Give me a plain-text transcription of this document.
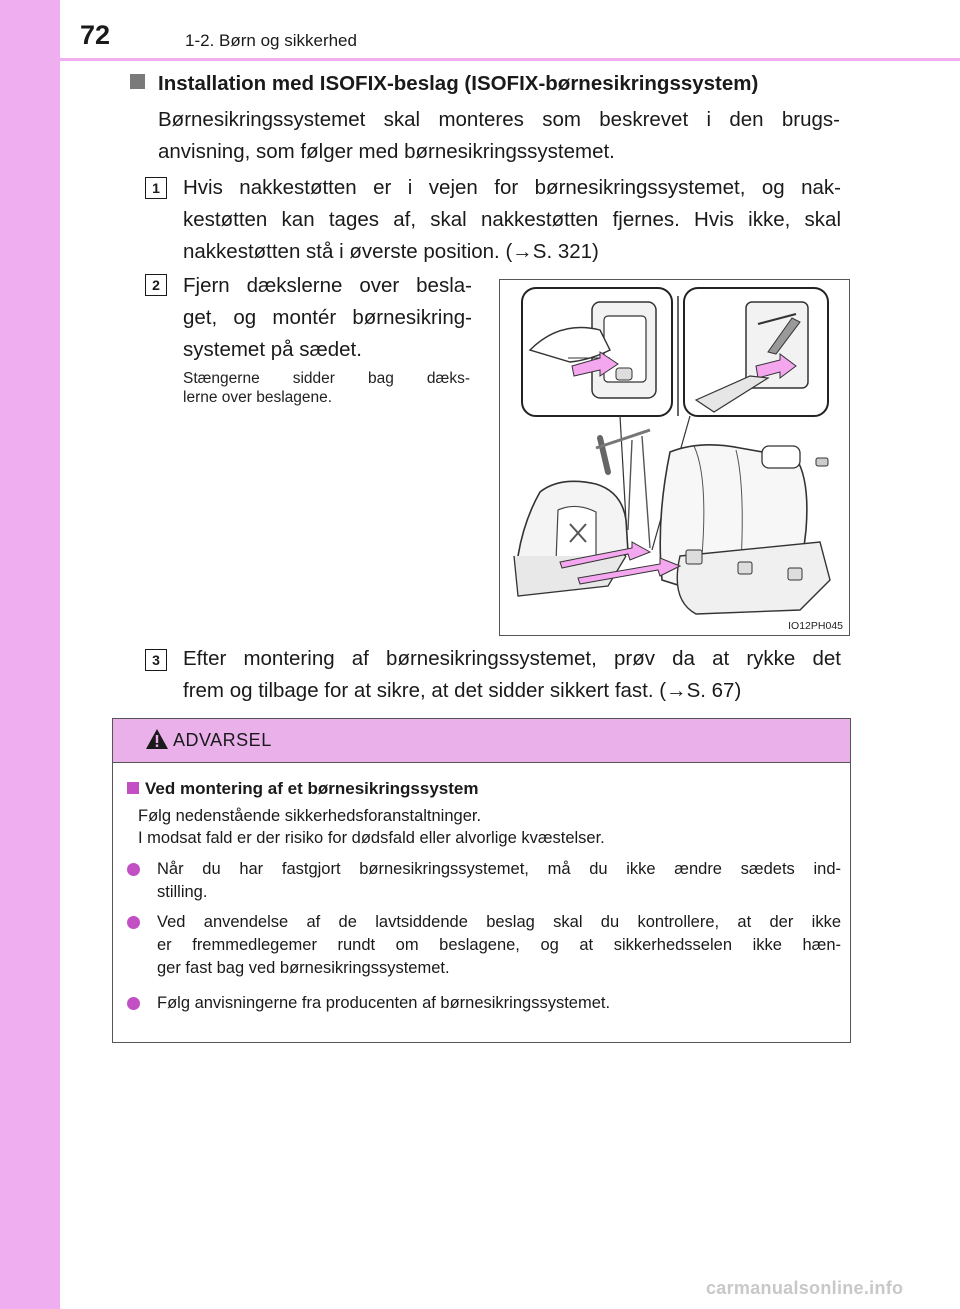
72	1-2. Børn og sikkerhed
Installation med ISOFIX-beslag (ISOFIX-børnesikringssystem)
Børnesikringssystemet skal monteres som beskrevet i den brugs-
anvisning, som følger med børnesikringssystemet.
1	Hvis nakkestøtten er i vejen for børnesikringssystemet, og nak-
kestøtten kan tages af, skal nakkestøtten fjernes. Hvis ikke, skal
nakkestøtten stå i øverste position. (→S. 321)
2	Fjern dækslerne over besla-
get, og montér børnesikring-
systemet på sædet.
Stængerne sidder bag dæks-
lerne over beslagene.
IO12PH045
3	Efter montering af børnesikringssystemet, prøv da at rykke det
frem og tilbage for at sikre, at det sidder sikkert fast. (→S. 67)
ADVARSEL
Ved montering af et børnesikringssystem
Følg nedenstående sikkerhedsforanstaltninger.
I modsat fald er der risiko for dødsfald eller alvorlige kvæstelser.
Når du har fastgjort børnesikringssystemet, må du ikke ændre sædets ind-
stilling.
Ved anvendelse af de lavtsiddende beslag skal du kontrollere, at der ikke
er fremmedlegemer rundt om beslagene, og at sikkerhedsselen ikke hæn-
ger fast bag ved børnesikringssystemet.
Følg anvisningerne fra producenten af børnesikringssystemet.
carmanualsonline.info
